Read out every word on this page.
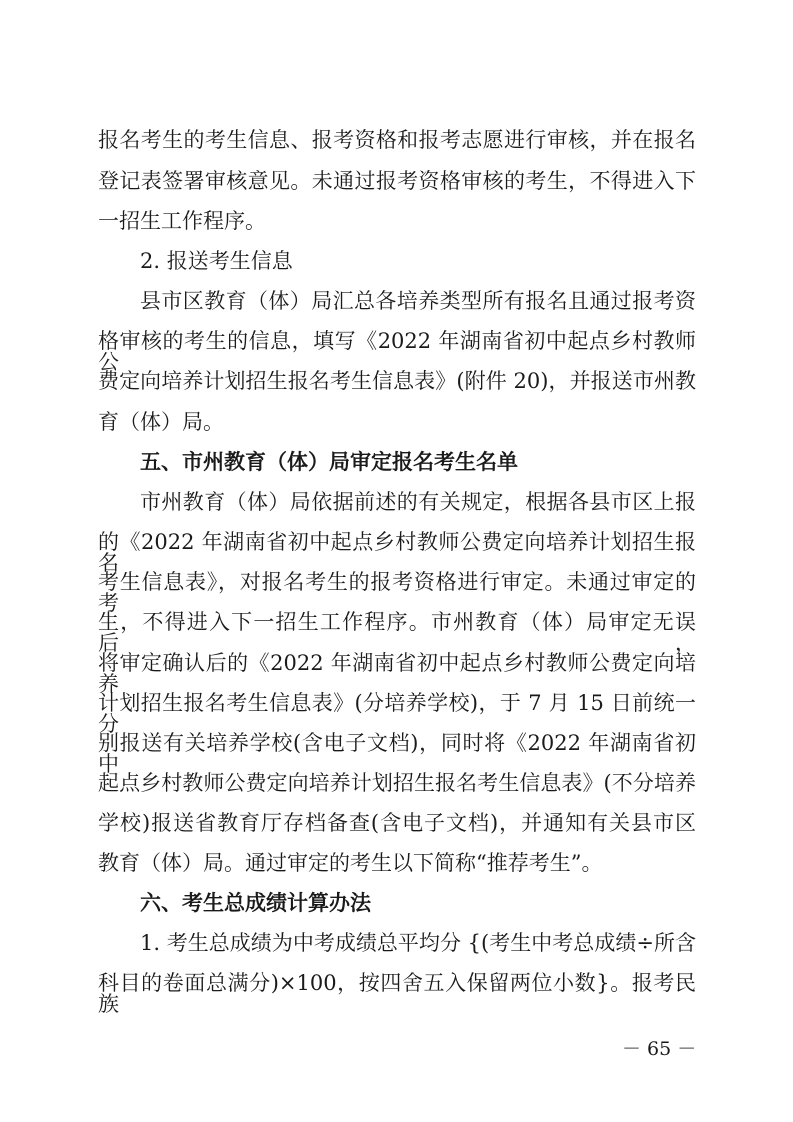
报名考生的考生信息、报考资格和报考志愿进行审核，并在报名
登记表签署审核意见。未通过报考资格审核的考生，不得进入下
一招生工作程序。
2. 报送考生信息
县市区教育（体）局汇总各培养类型所有报名且通过报考资
格审核的考生的信息，填写《2022 年湖南省初中起点乡村教师公
费定向培养计划招生报名考生信息表》(附件 20)，并报送市州教
育（体）局。
五、市州教育（体）局审定报名考生名单
市州教育（体）局依据前述的有关规定，根据各县市区上报
的《2022 年湖南省初中起点乡村教师公费定向培养计划招生报名
考生信息表》，对报名考生的报考资格进行审定。未通过审定的考
生，不得进入下一招生工作程序。市州教育（体）局审定无误后，
将审定确认后的《2022 年湖南省初中起点乡村教师公费定向培养
计划招生报名考生信息表》(分培养学校)，于 7 月 15 日前统一分
别报送有关培养学校(含电子文档)，同时将《2022 年湖南省初中
起点乡村教师公费定向培养计划招生报名考生信息表》(不分培养
学校)报送省教育厅存档备查(含电子文档)，并通知有关县市区
教育（体）局。通过审定的考生以下简称“推荐考生”。
六、考生总成绩计算办法
1. 考生总成绩为中考成绩总平均分 {(考生中考总成绩÷所含
科目的卷面总满分)×100，按四舍五入保留两位小数}。报考民族
－ 65 －
